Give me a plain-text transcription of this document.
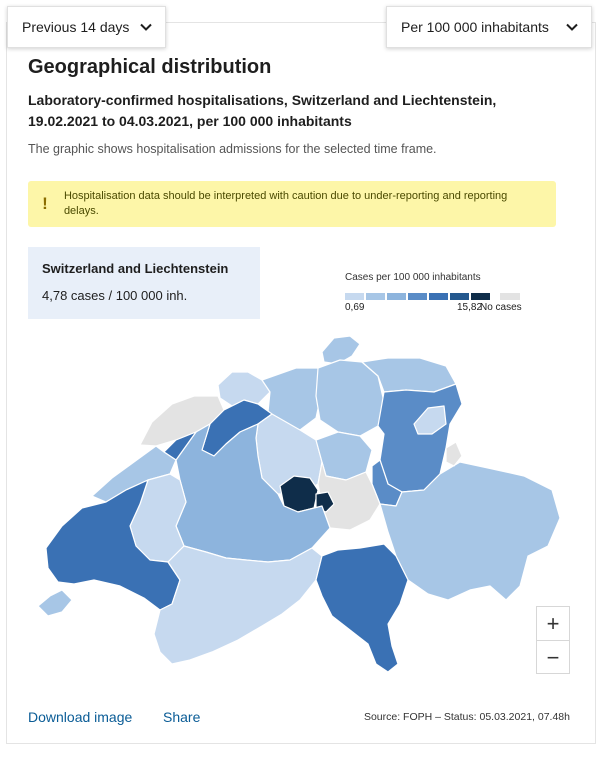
Previous 14 days	Per 100 000 inhabitants
Geographical distribution
Laboratory-confirmed hospitalisations, Switzerland and Liechtenstein, 19.02.2021 to 04.03.2021, per 100 000 inhabitants
The graphic shows hospitalisation admissions for the selected time frame.
! Hospitalisation data should be interpreted with caution due to under-reporting and reporting delays.
Switzerland and Liechtenstein
4,78 cases / 100 000 inh.
Cases per 100 000 inhabitants
0,69	15,82
No cases
+
−
Download image Share	Source: FOPH – Status: 05.03.2021, 07.48h
